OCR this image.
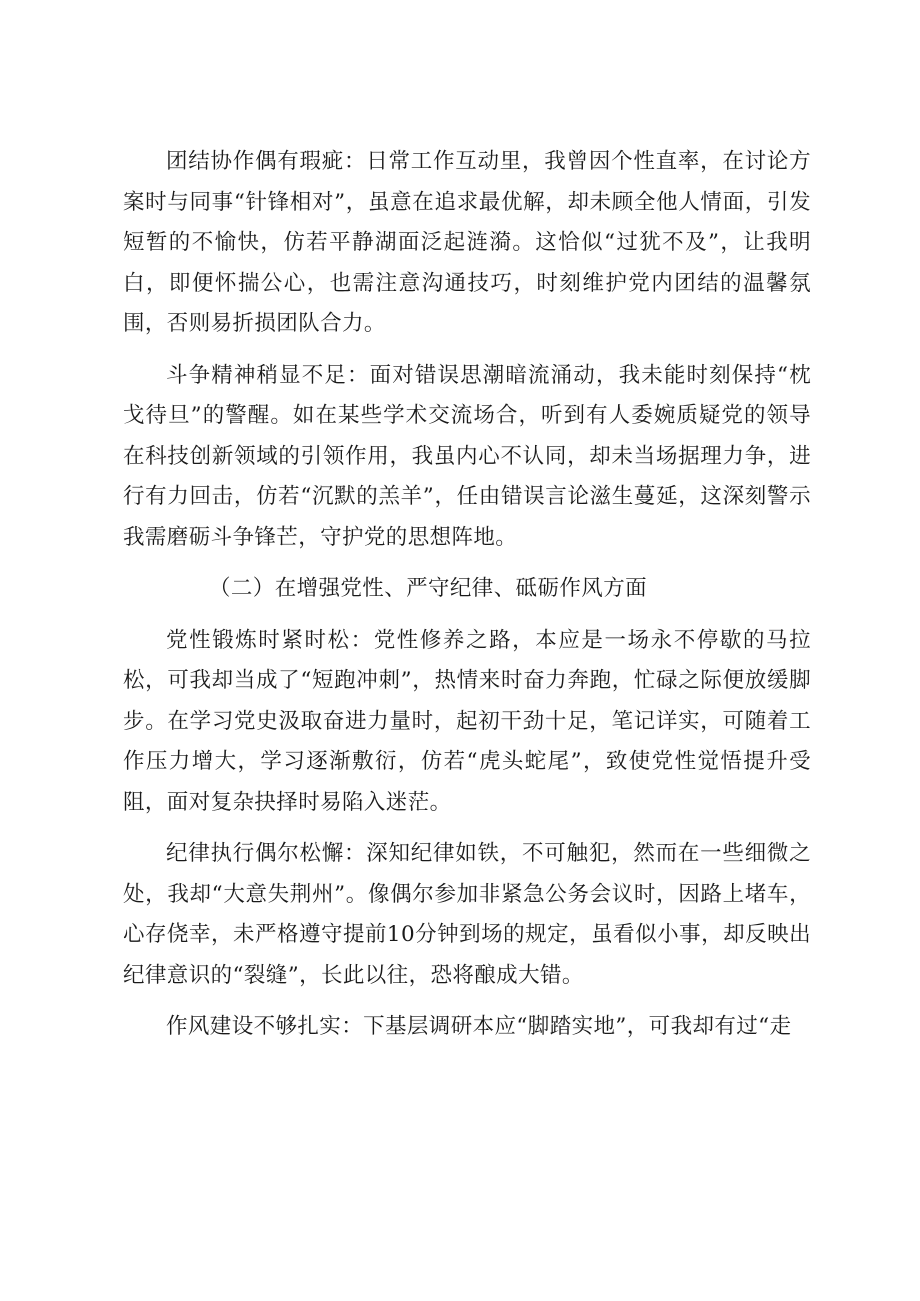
团结协作偶有瑕疵：日常工作互动里，我曾因个性直率，在讨论方案时与同事“针锋相对”，虽意在追求最优解，却未顾全他人情面，引发短暂的不愉快，仿若平静湖面泛起涟漪。这恰似“过犹不及”，让我明白，即便怀揣公心，也需注意沟通技巧，时刻维护党内团结的温馨氛围，否则易折损团队合力。

斗争精神稍显不足：面对错误思潮暗流涌动，我未能时刻保持“枕戈待旦”的警醒。如在某些学术交流场合，听到有人委婉质疑党的领导在科技创新领域的引领作用，我虽内心不认同，却未当场据理力争，进行有力回击，仿若“沉默的羔羊”，任由错误言论滋生蔓延，这深刻警示我需磨砺斗争锋芒，守护党的思想阵地。

（二）在增强党性、严守纪律、砥砺作风方面

党性锻炼时紧时松：党性修养之路，本应是一场永不停歇的马拉松，可我却当成了“短跑冲刺”，热情来时奋力奔跑，忙碌之际便放缓脚步。在学习党史汲取奋进力量时，起初干劲十足，笔记详实，可随着工作压力增大，学习逐渐敷衍，仿若“虎头蛇尾”，致使党性觉悟提升受阻，面对复杂抉择时易陷入迷茫。

纪律执行偶尔松懈：深知纪律如铁，不可触犯，然而在一些细微之处，我却“大意失荆州”。像偶尔参加非紧急公务会议时，因路上堵车，心存侥幸，未严格遵守提前10分钟到场的规定，虽看似小事，却反映出纪律意识的“裂缝”，长此以往，恐将酿成大错。

作风建设不够扎实：下基层调研本应“脚踏实地”，可我却有过“走
